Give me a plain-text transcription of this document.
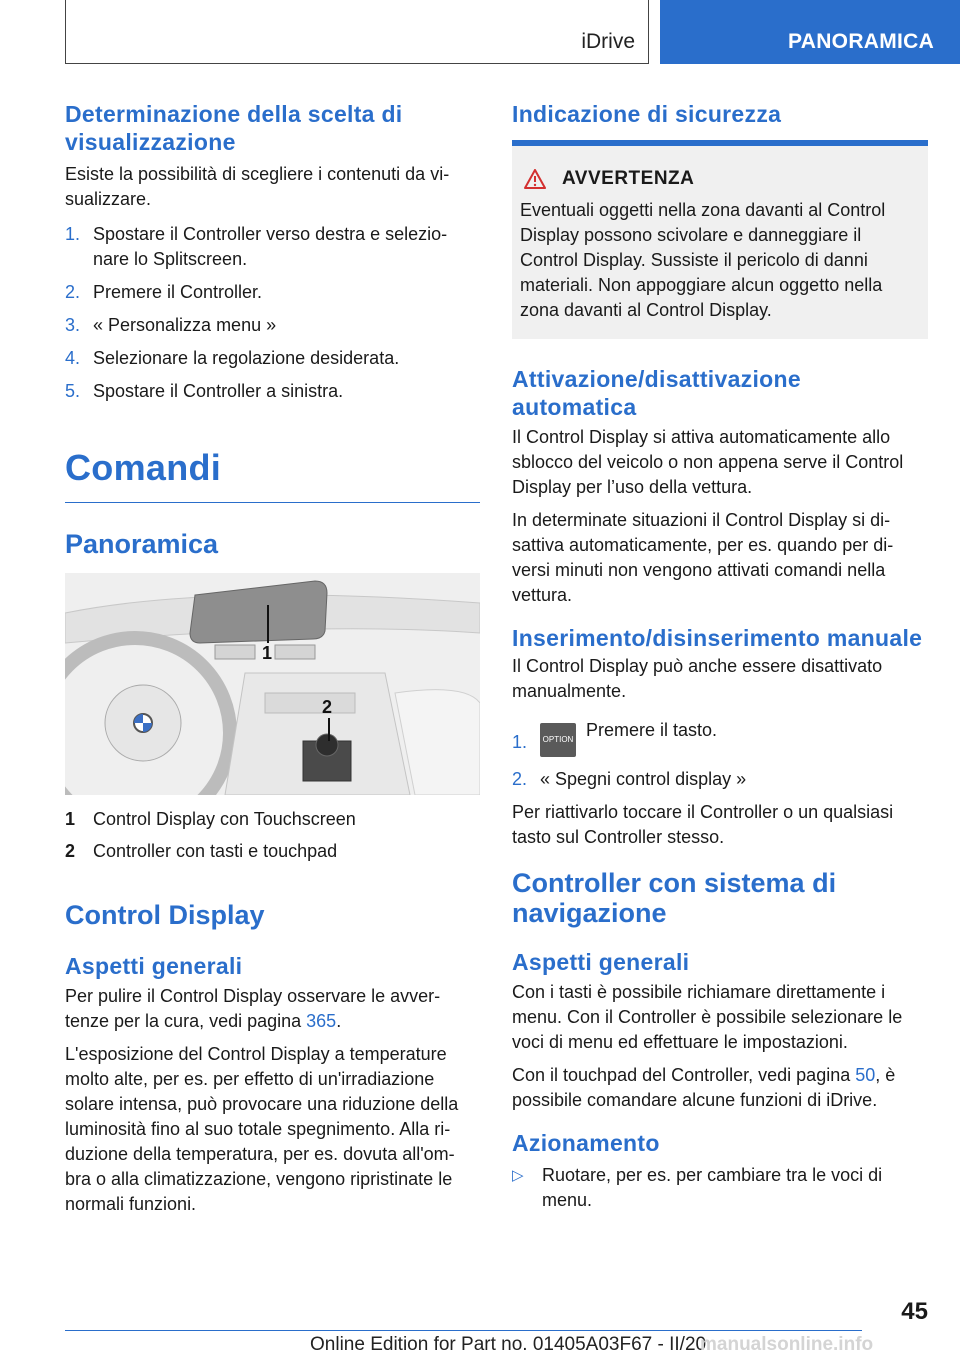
iDrive	PANORAMICA
Determinazione della scelta di visualizzazione

Esiste la possibilità di scegliere i contenuti da vi-sualizzare.

1. Spostare il Controller verso destra e selezio-nare lo Splitscreen.
2. Premere il Controller.
3. « Personalizza menu »
4. Selezionare la regolazione desiderata.
5. Spostare il Controller a sinistra.
Comandi
Panoramica
1
2
1 Control Display con Touchscreen
2 Controller con tasti e touchpad
Control Display
Aspetti generali

Per pulire il Control Display osservare le avver-tenze per la cura, vedi pagina 365.

L'esposizione del Control Display a temperature molto alte, per es. per effetto di un'irradiazione solare intensa, può provocare una riduzione della luminosità fino al suo totale spegnimento. Alla ri-duzione della temperatura, per es. dovuta all'om-bra o alla climatizzazione, vengono ripristinate le normali funzioni.

Indicazione di sicurezza
AVVERTENZA

Eventuali oggetti nella zona davanti al Control Display possono scivolare e danneggiare il Control Display. Sussiste il pericolo di danni materiali. Non appoggiare alcun oggetto nella zona davanti al Control Display.

Attivazione/disattivazione automatica

Il Control Display si attiva automaticamente allo sblocco del veicolo o non appena serve il Control Display per l’uso della vettura.

In determinate situazioni il Control Display si di-sattiva automaticamente, per es. quando per di-versi minuti non vengono attivati comandi nella vettura.

Inserimento/disinserimento manuale

Il Control Display può anche essere disattivato manualmente.

1. OPTION Premere il tasto.
2. « Spegni control display »

Per riattivarlo toccare il Controller o un qualsiasi tasto sul Controller stesso.

Controller con sistema di navigazione
Aspetti generali

Con i tasti è possibile richiamare direttamente i menu. Con il Controller è possibile selezionare le voci di menu ed effettuare le impostazioni.

Con il touchpad del Controller, vedi pagina 50, è possibile comandare alcune funzioni di iDrive.

Azionamento
▷ Ruotare, per es. per cambiare tra le voci di menu.
45
Online Edition for Part no. 01405A03F67 - II/20
manualsonline.info
